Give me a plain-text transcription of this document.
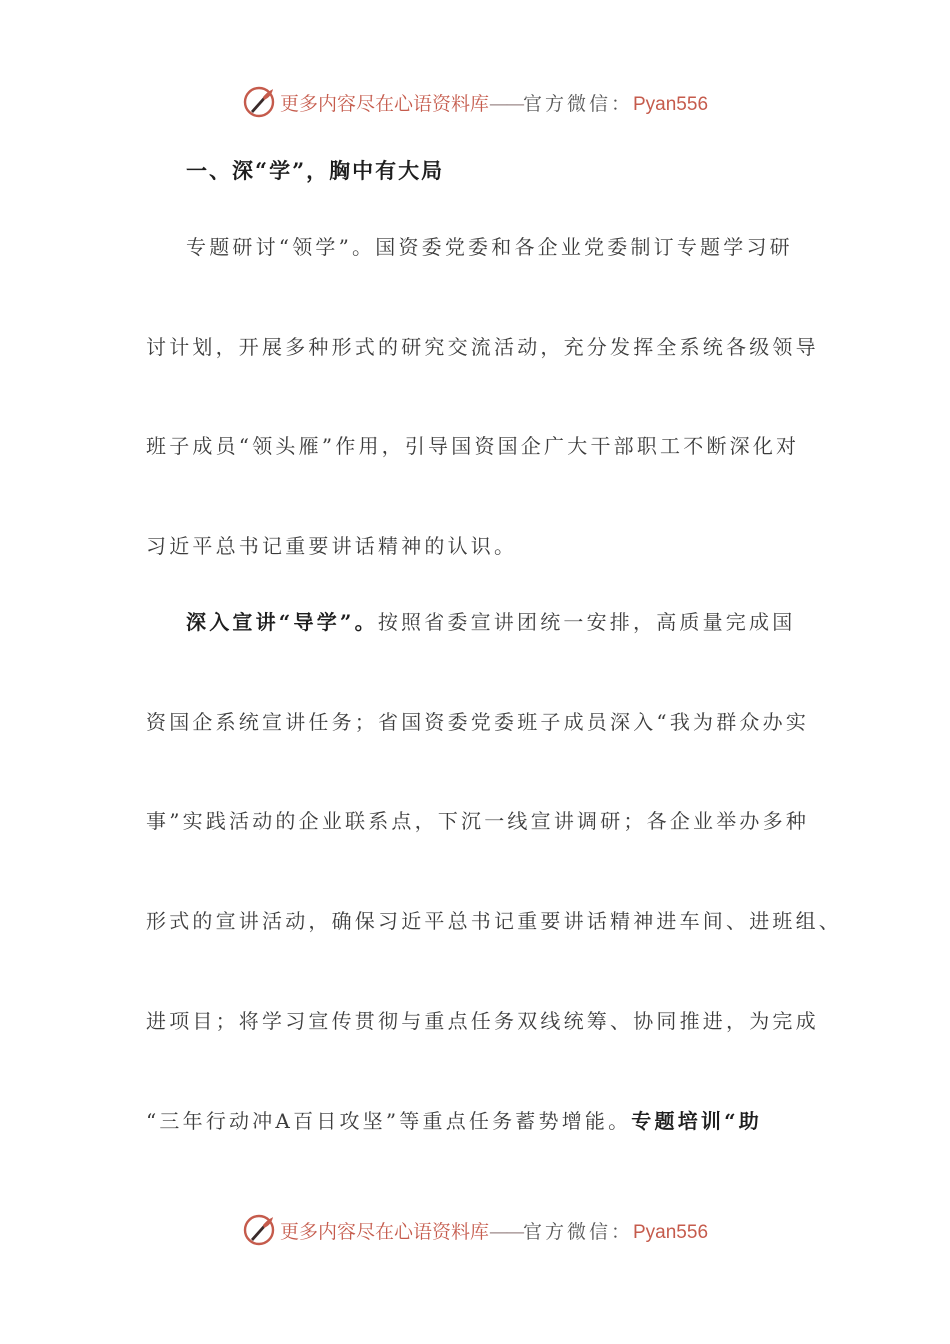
更多内容尽在心语资料库——官方微信：Pyan556
一、深“学”，胸中有大局
专题研讨“领学”。国资委党委和各企业党委制订专题学习研
讨计划，开展多种形式的研究交流活动，充分发挥全系统各级领导
班子成员“领头雁”作用，引导国资国企广大干部职工不断深化对
习近平总书记重要讲话精神的认识。
深入宣讲“导学”。按照省委宣讲团统一安排，高质量完成国
资国企系统宣讲任务；省国资委党委班子成员深入“我为群众办实
事”实践活动的企业联系点，下沉一线宣讲调研；各企业举办多种
形式的宣讲活动，确保习近平总书记重要讲话精神进车间、进班组、
进项目；将学习宣传贯彻与重点任务双线统筹、协同推进，为完成
“三年行动冲A百日攻坚”等重点任务蓄势增能。专题培训“助
更多内容尽在心语资料库——官方微信：Pyan556
